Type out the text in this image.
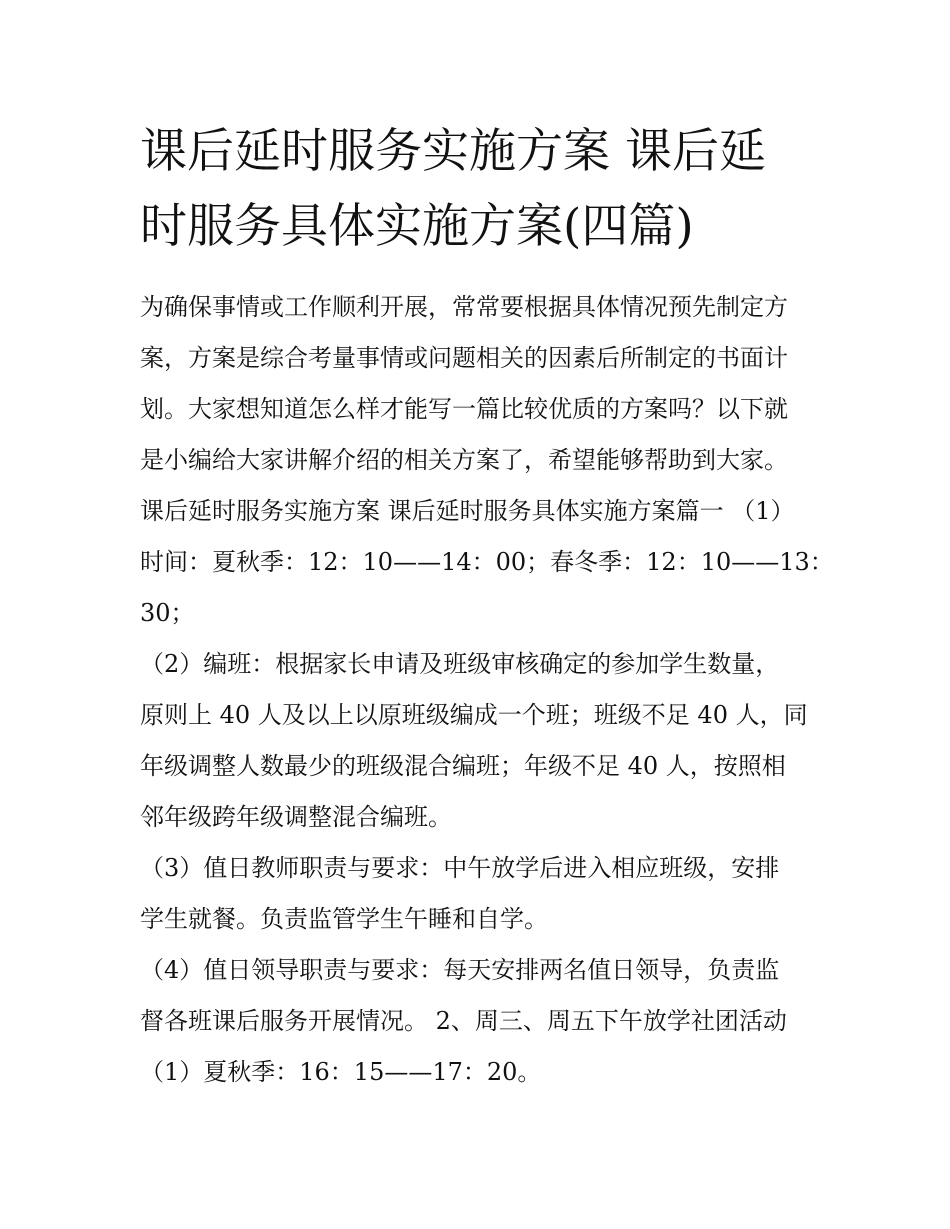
课后延时服务实施方案 课后延
时服务具体实施方案(四篇)
为确保事情或工作顺利开展，常常要根据具体情况预先制定方
案，方案是综合考量事情或问题相关的因素后所制定的书面计
划。大家想知道怎么样才能写一篇比较优质的方案吗？以下就
是小编给大家讲解介绍的相关方案了，希望能够帮助到大家。
课后延时服务实施方案 课后延时服务具体实施方案篇一 （1）
时间：夏秋季：12：10——14：00；春冬季：12：10——13：
30；
（2）编班：根据家长申请及班级审核确定的参加学生数量，
原则上 40 人及以上以原班级编成一个班；班级不足 40 人，同
年级调整人数最少的班级混合编班；年级不足 40 人，按照相
邻年级跨年级调整混合编班。
（3）值日教师职责与要求：中午放学后进入相应班级，安排
学生就餐。负责监管学生午睡和自学。
（4）值日领导职责与要求：每天安排两名值日领导，负责监
督各班课后服务开展情况。 2、周三、周五下午放学社团活动
（1）夏秋季：16：15——17：20。
